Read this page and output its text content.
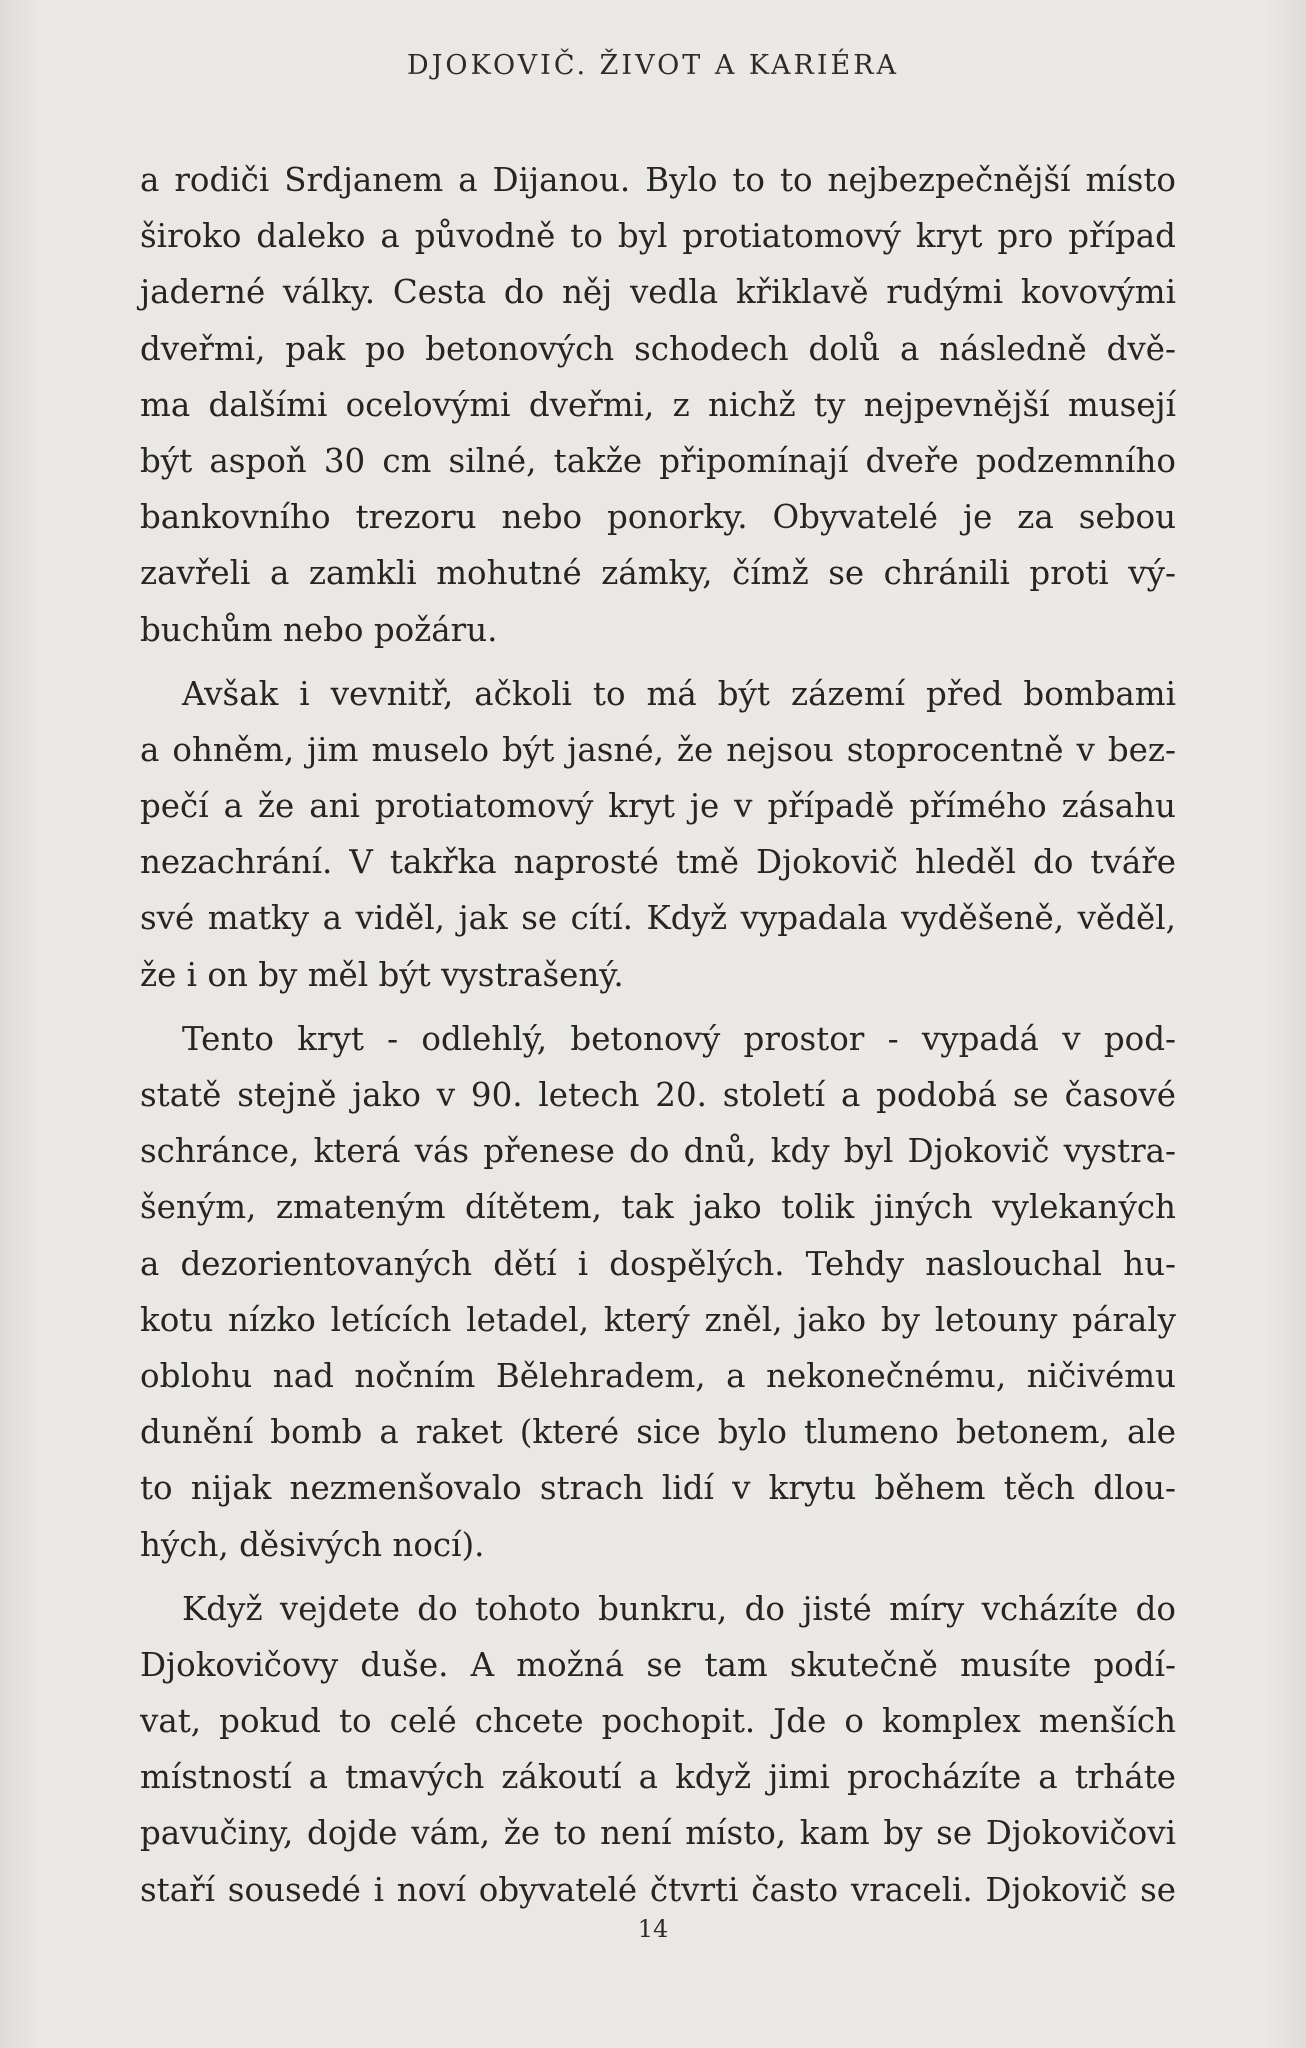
DJOKOVIČ. ŽIVOT A KARIÉRA
a rodiči Srdjanem a Dijanou. Bylo to to nejbezpečnější místo
široko daleko a původně to byl protiatomový kryt pro případ
jaderné války. Cesta do něj vedla křiklavě rudými kovovými
dveřmi, pak po betonových schodech dolů a následně dvě-
ma dalšími ocelovými dveřmi, z nichž ty nejpevnější musejí
být aspoň 30 cm silné, takže připomínají dveře podzemního
bankovního trezoru nebo ponorky. Obyvatelé je za sebou
zavřeli a zamkli mohutné zámky, čímž se chránili proti vý-
buchům nebo požáru.
Avšak i vevnitř, ačkoli to má být zázemí před bombami
a ohněm, jim muselo být jasné, že nejsou stoprocentně v bez-
pečí a že ani protiatomový kryt je v případě přímého zásahu
nezachrání. V takřka naprosté tmě Djokovič hleděl do tváře
své matky a viděl, jak se cítí. Když vypadala vyděšeně, věděl,
že i on by měl být vystrašený.
Tento kryt - odlehlý, betonový prostor - vypadá v pod-
statě stejně jako v 90. letech 20. století a podobá se časové
schránce, která vás přenese do dnů, kdy byl Djokovič vystra-
šeným, zmateným dítětem, tak jako tolik jiných vylekaných
a dezorientovaných dětí i dospělých. Tehdy naslouchal hu-
kotu nízko letících letadel, který zněl, jako by letouny páraly
oblohu nad nočním Bělehradem, a nekonečnému, ničivému
dunění bomb a raket (které sice bylo tlumeno betonem, ale
to nijak nezmenšovalo strach lidí v krytu během těch dlou-
hých, děsivých nocí).
Když vejdete do tohoto bunkru, do jisté míry vcházíte do
Djokovičovy duše. A možná se tam skutečně musíte podí-
vat, pokud to celé chcete pochopit. Jde o komplex menších
místností a tmavých zákoutí a když jimi procházíte a trháte
pavučiny, dojde vám, že to není místo, kam by se Djokovičovi
staří sousedé i noví obyvatelé čtvrti často vraceli. Djokovič se
14
